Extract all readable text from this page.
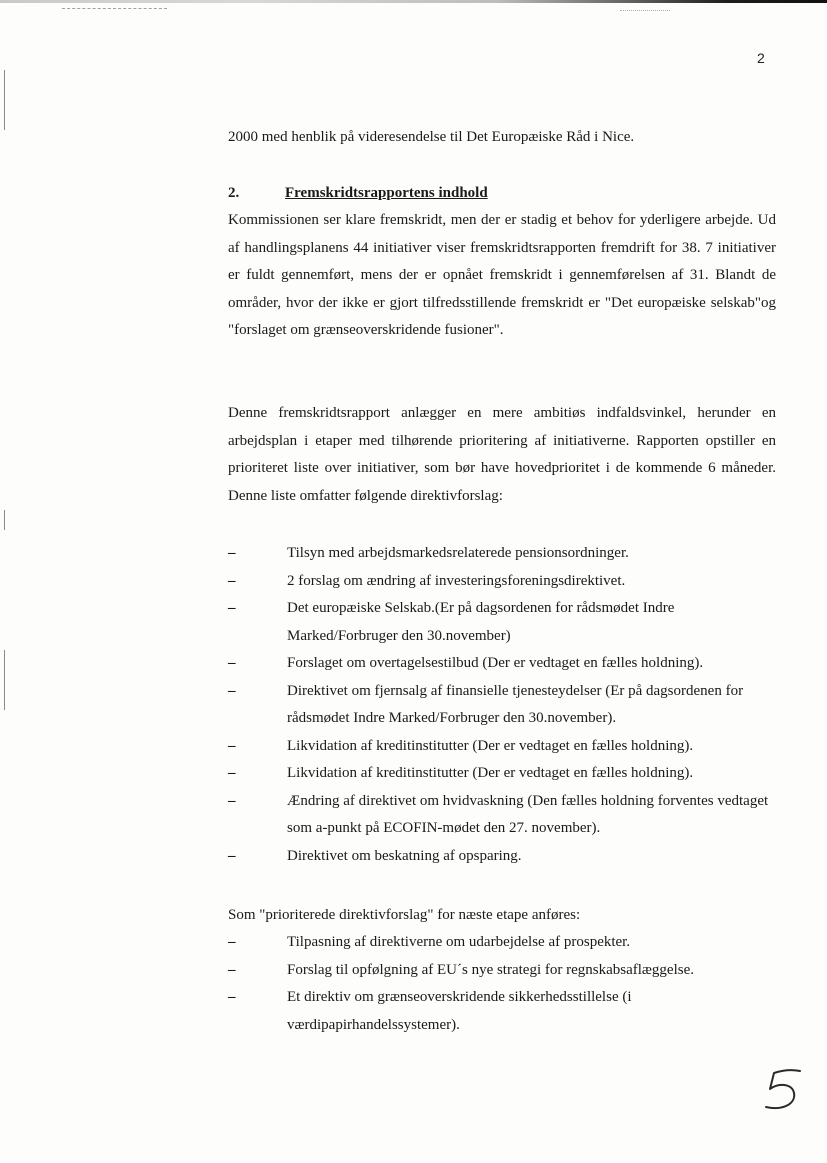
2

2000 med henblik på videresendelse til Det Europæiske Råd i Nice.

2.	Fremskridtsrapportens indhold

Kommissionen ser klare fremskridt, men der er stadig et behov for yderligere arbejde. Ud af handlingsplanens 44 initiativer viser fremskridtsrapporten fremdrift for 38. 7 initiativer er fuldt gennemført, mens der er opnået fremskridt i gennemførelsen af 31. Blandt de områder, hvor der ikke er gjort tilfredsstillende fremskridt er "Det europæiske selskab"og "forslaget om grænseoverskridende fusioner".

Denne fremskridtsrapport anlægger en mere ambitiøs indfaldsvinkel, herunder en arbejdsplan i etaper med tilhørende prioritering af initiativerne. Rapporten opstiller en prioriteret liste over initiativer, som bør have hovedprioritet i de kommende 6 måneder. Denne liste omfatter følgende direktivforslag:

–	Tilsyn med arbejdsmarkedsrelaterede pensionsordninger.
–	2 forslag om ændring af investeringsforeningsdirektivet.
–	Det europæiske Selskab.(Er på dagsordenen for rådsmødet Indre Marked/Forbruger den 30.november)
–	Forslaget om overtagelsestilbud (Der er vedtaget en fælles holdning).
–	Direktivet om fjernsalg af finansielle tjenesteydelser (Er på dagsordenen for rådsmødet Indre Marked/Forbruger den 30.november).
–	Likvidation af kreditinstitutter (Der er vedtaget en fælles holdning).
–	Likvidation af kreditinstitutter (Der er vedtaget en fælles holdning).
–	Ændring af direktivet om hvidvaskning (Den fælles holdning forventes vedtaget som a-punkt på ECOFIN-mødet den 27. november).
–	Direktivet om beskatning af opsparing.

Som "prioriterede direktivforslag" for næste etape anføres:

–	Tilpasning af direktiverne om udarbejdelse af prospekter.
–	Forslag til opfølgning af EU´s nye strategi for regnskabsaflæggelse.
–	Et direktiv om grænseoverskridende sikkerhedsstillelse (i værdipapirhandelssystemer).
